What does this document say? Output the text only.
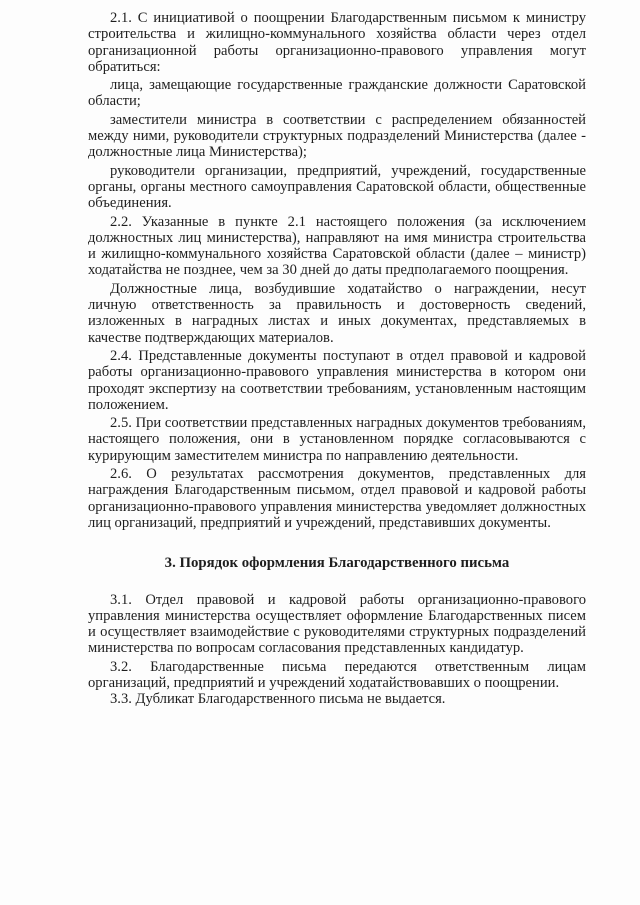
2.1. С инициативой о поощрении Благодарственным письмом к министру строительства и жилищно-коммунального хозяйства области через отдел организационной работы организационно-правового управления могут обратиться:

лица, замещающие государственные гражданские должности Саратовской области;

заместители министра в соответствии с распределением обязанностей между ними, руководители структурных подразделений Министерства (далее - должностные лица Министерства);

руководители организации, предприятий, учреждений, государственные органы, органы местного самоуправления Саратовской области, общественные объединения.

2.2. Указанные в пункте 2.1 настоящего положения (за исключением должностных лиц министерства), направляют на имя министра строительства и жилищно-коммунального хозяйства Саратовской области (далее – министр) ходатайства не позднее, чем за 30 дней до даты предполагаемого поощрения.

Должностные лица, возбудившие ходатайство о награждении, несут личную ответственность за правильность и достоверность сведений, изложенных в наградных листах и иных документах, представляемых в качестве подтверждающих материалов.

2.4. Представленные документы поступают в отдел правовой и кадровой работы организационно-правового управления министерства в котором они проходят экспертизу на соответствии требованиям, установленным настоящим положением.

2.5. При соответствии представленных наградных документов требованиям, настоящего положения, они в установленном порядке согласовываются с курирующим заместителем министра по направлению деятельности.

2.6. О результатах рассмотрения документов, представленных для награждения Благодарственным письмом, отдел правовой и кадровой работы организационно-правового управления министерства уведомляет должностных лиц организаций, предприятий и учреждений, представивших документы.

3. Порядок оформления Благодарственного письма

3.1. Отдел правовой и кадровой работы организационно-правового управления министерства осуществляет оформление Благодарственных писем и осуществляет взаимодействие с руководителями структурных подразделений министерства по вопросам согласования представленных кандидатур.

3.2. Благодарственные письма передаются ответственным лицам организаций, предприятий и учреждений ходатайствовавших о поощрении.

3.3. Дубликат Благодарственного письма не выдается.
